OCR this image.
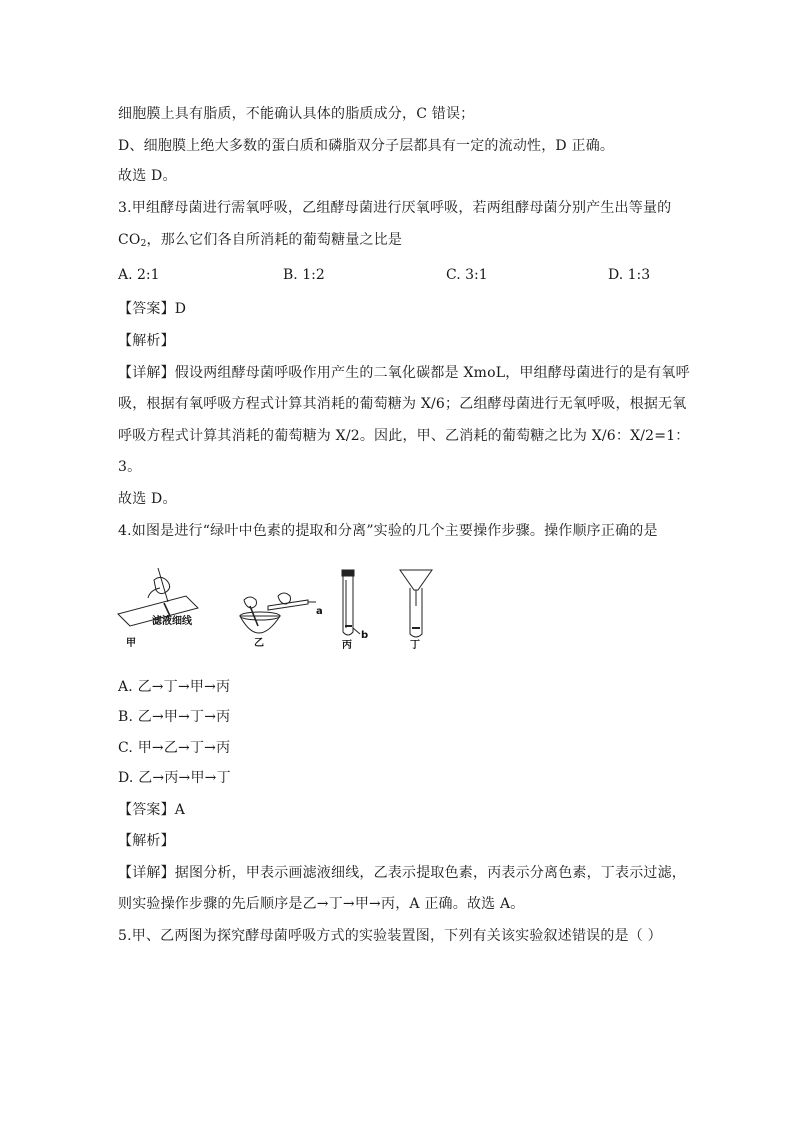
细胞膜上具有脂质，不能确认具体的脂质成分，C 错误；
D、细胞膜上绝大多数的蛋白质和磷脂双分子层都具有一定的流动性，D 正确。
故选 D。
3.甲组酵母菌进行需氧呼吸，乙组酵母菌进行厌氧呼吸，若两组酵母菌分别产生出等量的
$CO_2$，那么它们各自所消耗的葡萄糖量之比是
A. 2:1	B. 1:2	C. 3:1	D. 1:3
【答案】D
【解析】
【详解】假设两组酵母菌呼吸作用产生的二氧化碳都是 XmoL，甲组酵母菌进行的是有氧呼
吸，根据有氧呼吸方程式计算其消耗的葡萄糖为 X/6；乙组酵母菌进行无氧呼吸，根据无氧
呼吸方程式计算其消耗的葡萄糖为 X/2。因此，甲、乙消耗的葡萄糖之比为 X/6：X/2=1：
3。
故选 D。
4.如图是进行“绿叶中色素的提取和分离”实验的几个主要操作步骤。操作顺序正确的是
滤液细线
甲
a
乙
b
丙	丁
A. 乙→丁→甲→丙
B. 乙→甲→丁→丙
C. 甲→乙→丁→丙
D. 乙→丙→甲→丁
【答案】A
【解析】
【详解】据图分析，甲表示画滤液细线，乙表示提取色素，丙表示分离色素，丁表示过滤，
则实验操作步骤的先后顺序是乙→丁→甲→丙，A 正确。故选 A。
5.甲、乙两图为探究酵母菌呼吸方式的实验装置图，下列有关该实验叙述错误的是（ ）
